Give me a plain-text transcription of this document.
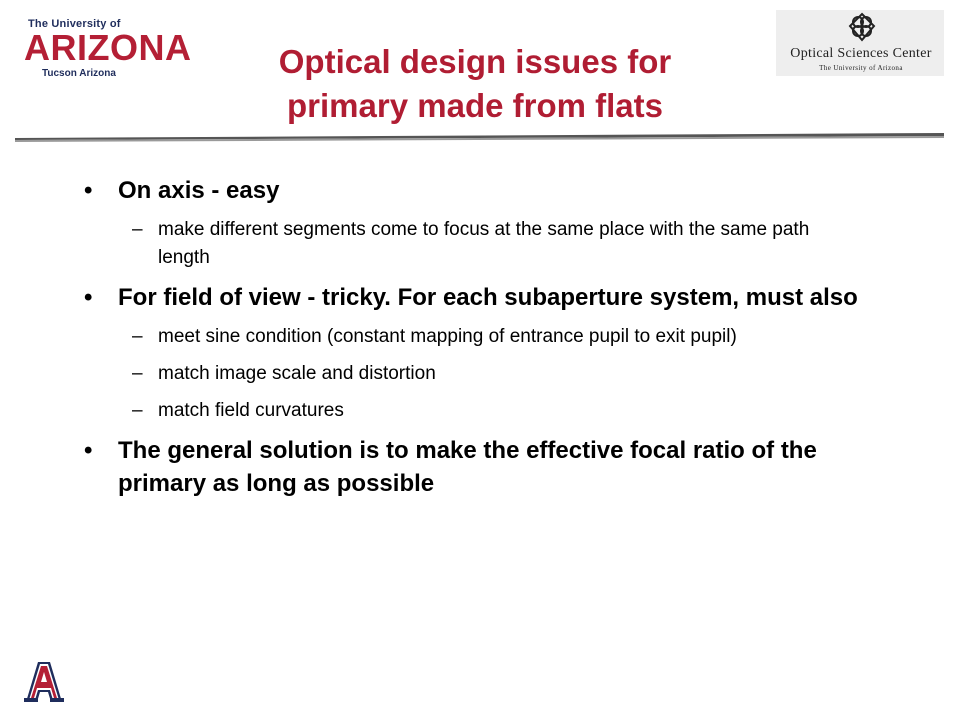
The University of
ARIZONA
Tucson Arizona	Optical design issues for
primary made from flats
Optical Sciences Center
The University of Arizona
• On axis - easy
– make different segments come to focus at the same place with the same path length
• For field of view - tricky. For each subaperture system, must also
– meet sine condition (constant mapping of entrance pupil to exit pupil)
– match image scale and distortion
– match field curvatures
• The general solution is to make the effective focal ratio of the primary as long as possible
